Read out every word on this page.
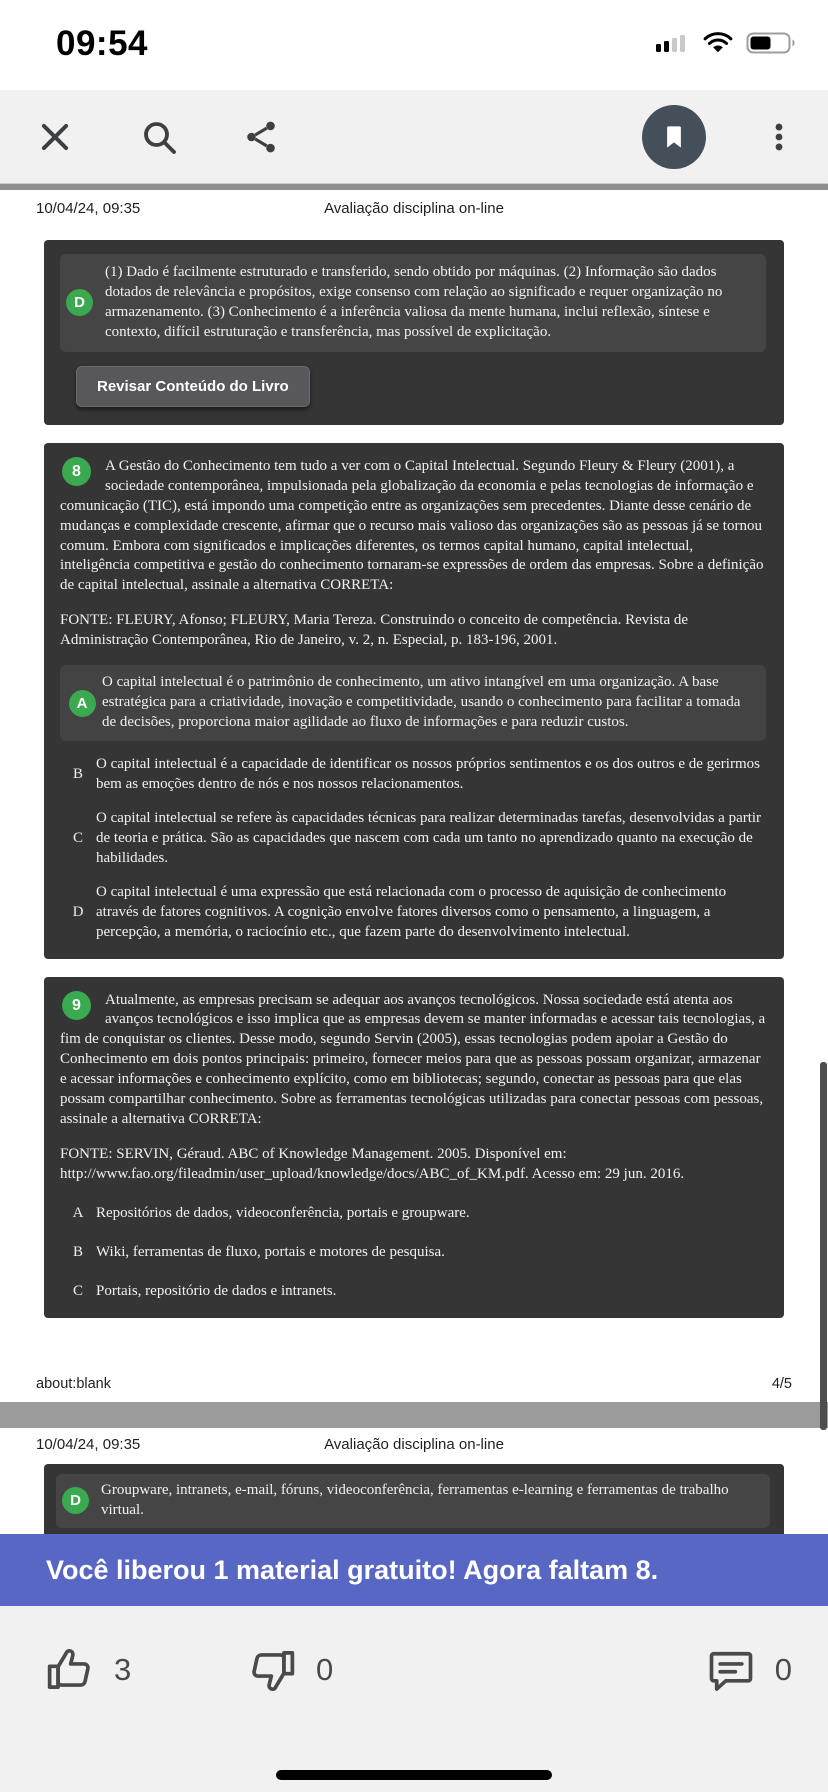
09:54
10/04/24, 09:35	Avaliação disciplina on-line
D

(1) Dado é facilmente estruturado e transferido, sendo obtido por máquinas. (2) Informação são dados dotados de relevância e propósitos, exige consenso com relação ao significado e requer organização no armazenamento. (3) Conhecimento é a inferência valiosa da mente humana, inclui reflexão, síntese e contexto, difícil estruturação e transferência, mas possível de explicitação.

Revisar Conteúdo do Livro

8	A Gestão do Conhecimento tem tudo a ver com o Capital Intelectual. Segundo Fleury & Fleury (2001), a sociedade contemporânea, impulsionada pela globalização da economia e pelas tecnologias de informação e comunicação (TIC), está impondo uma competição entre as organizações sem precedentes. Diante desse cenário de mudanças e complexidade crescente, afirmar que o recurso mais valioso das organizações são as pessoas já se tornou comum. Embora com significados e implicações diferentes, os termos capital humano, capital intelectual, inteligência competitiva e gestão do conhecimento tornaram-se expressões de ordem das empresas. Sobre a definição de capital intelectual, assinale a alternativa CORRETA:

FONTE: FLEURY, Afonso; FLEURY, Maria Tereza. Construindo o conceito de competência. Revista de Administração Contemporânea, Rio de Janeiro, v. 2, n. Especial, p. 183-196, 2001.

A
O capital intelectual é o patrimônio de conhecimento, um ativo intangível em uma organização. A base estratégica para a criatividade, inovação e competitividade, usando o conhecimento para facilitar a tomada de decisões, proporciona maior agilidade ao fluxo de informações e para reduzir custos.
B
O capital intelectual é a capacidade de identificar os nossos próprios sentimentos e os dos outros e de gerirmos bem as emoções dentro de nós e nos nossos relacionamentos.
C
O capital intelectual se refere às capacidades técnicas para realizar determinadas tarefas, desenvolvidas a partir de teoria e prática. São as capacidades que nascem com cada um tanto no aprendizado quanto na execução de habilidades.
D
O capital intelectual é uma expressão que está relacionada com o processo de aquisição de conhecimento através de fatores cognitivos. A cognição envolve fatores diversos como o pensamento, a linguagem, a percepção, a memória, o raciocínio etc., que fazem parte do desenvolvimento intelectual.

9	Atualmente, as empresas precisam se adequar aos avanços tecnológicos. Nossa sociedade está atenta aos avanços tecnológicos e isso implica que as empresas devem se manter informadas e acessar tais tecnologias, a fim de conquistar os clientes. Desse modo, segundo Servin (2005), essas tecnologias podem apoiar a Gestão do Conhecimento em dois pontos principais: primeiro, fornecer meios para que as pessoas possam organizar, armazenar e acessar informações e conhecimento explícito, como em bibliotecas; segundo, conectar as pessoas para que elas possam compartilhar conhecimento. Sobre as ferramentas tecnológicas utilizadas para conectar pessoas com pessoas, assinale a alternativa CORRETA:

FONTE: SERVIN, Géraud. ABC of Knowledge Management. 2005. Disponível em: http://www.fao.org/fileadmin/user_upload/knowledge/docs/ABC_of_KM.pdf. Acesso em: 29 jun. 2016.

A Repositórios de dados, videoconferência, portais e groupware.
B Wiki, ferramentas de fluxo, portais e motores de pesquisa.
C Portais, repositório de dados e intranets.
about:blank	4/5
10/04/24, 09:35	Avaliação disciplina on-line
D

Groupware, intranets, e-mail, fóruns, videoconferência, ferramentas e-learning e ferramentas de trabalho virtual.

Você liberou 1 material gratuito! Agora faltam 8.
3	0	0
